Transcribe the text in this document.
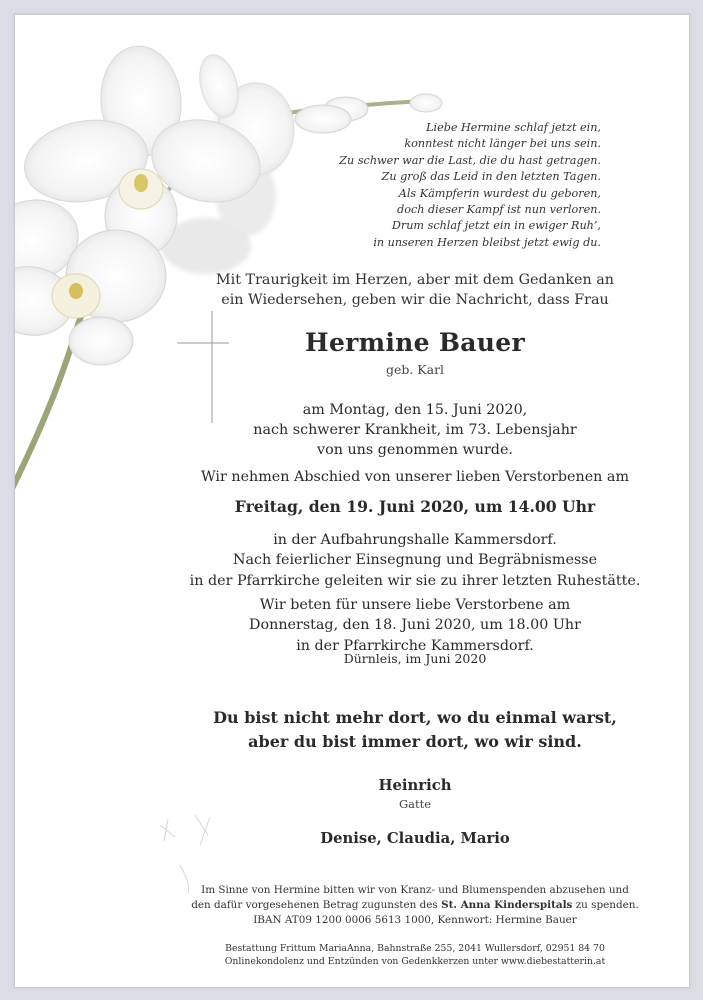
Liebe Hermine schlaf jetzt ein,
konntest nicht länger bei uns sein.
Zu schwer war die Last, die du hast getragen.
Zu groß das Leid in den letzten Tagen.
Als Kämpferin wurdest du geboren,
doch dieser Kampf ist nun verloren.
Drum schlaf jetzt ein in ewiger Ruh’,
in unseren Herzen bleibst jetzt ewig du.
Mit Traurigkeit im Herzen, aber mit dem Gedanken an
ein Wiedersehen, geben wir die Nachricht, dass Frau
Hermine Bauer
geb. Karl
am Montag, den 15. Juni 2020,
nach schwerer Krankheit, im 73. Lebensjahr
von uns genommen wurde.
Wir nehmen Abschied von unserer lieben Verstorbenen am
Freitag, den 19. Juni 2020, um 14.00 Uhr
in der Aufbahrungshalle Kammersdorf.
Nach feierlicher Einsegnung und Begräbnismesse
in der Pfarrkirche geleiten wir sie zu ihrer letzten Ruhestätte.
Wir beten für unsere liebe Verstorbene am
Donnerstag, den 18. Juni 2020, um 18.00 Uhr
in der Pfarrkirche Kammersdorf.
Dürnleis, im Juni 2020
Du bist nicht mehr dort, wo du einmal warst,
aber du bist immer dort, wo wir sind.
Heinrich
Gatte
Denise, Claudia, Mario
Im Sinne von Hermine bitten wir von Kranz- und Blumenspenden abzusehen und
den dafür vorgesehenen Betrag zugunsten des St. Anna Kinderspitals zu spenden.
IBAN AT09 1200 0006 5613 1000, Kennwort: Hermine Bauer
Bestattung Frittum MariaAnna, Bahnstraße 255, 2041 Wullersdorf, 02951 84 70
Onlinekondolenz und Entzünden von Gedenkkerzen unter www.diebestatterin.at
